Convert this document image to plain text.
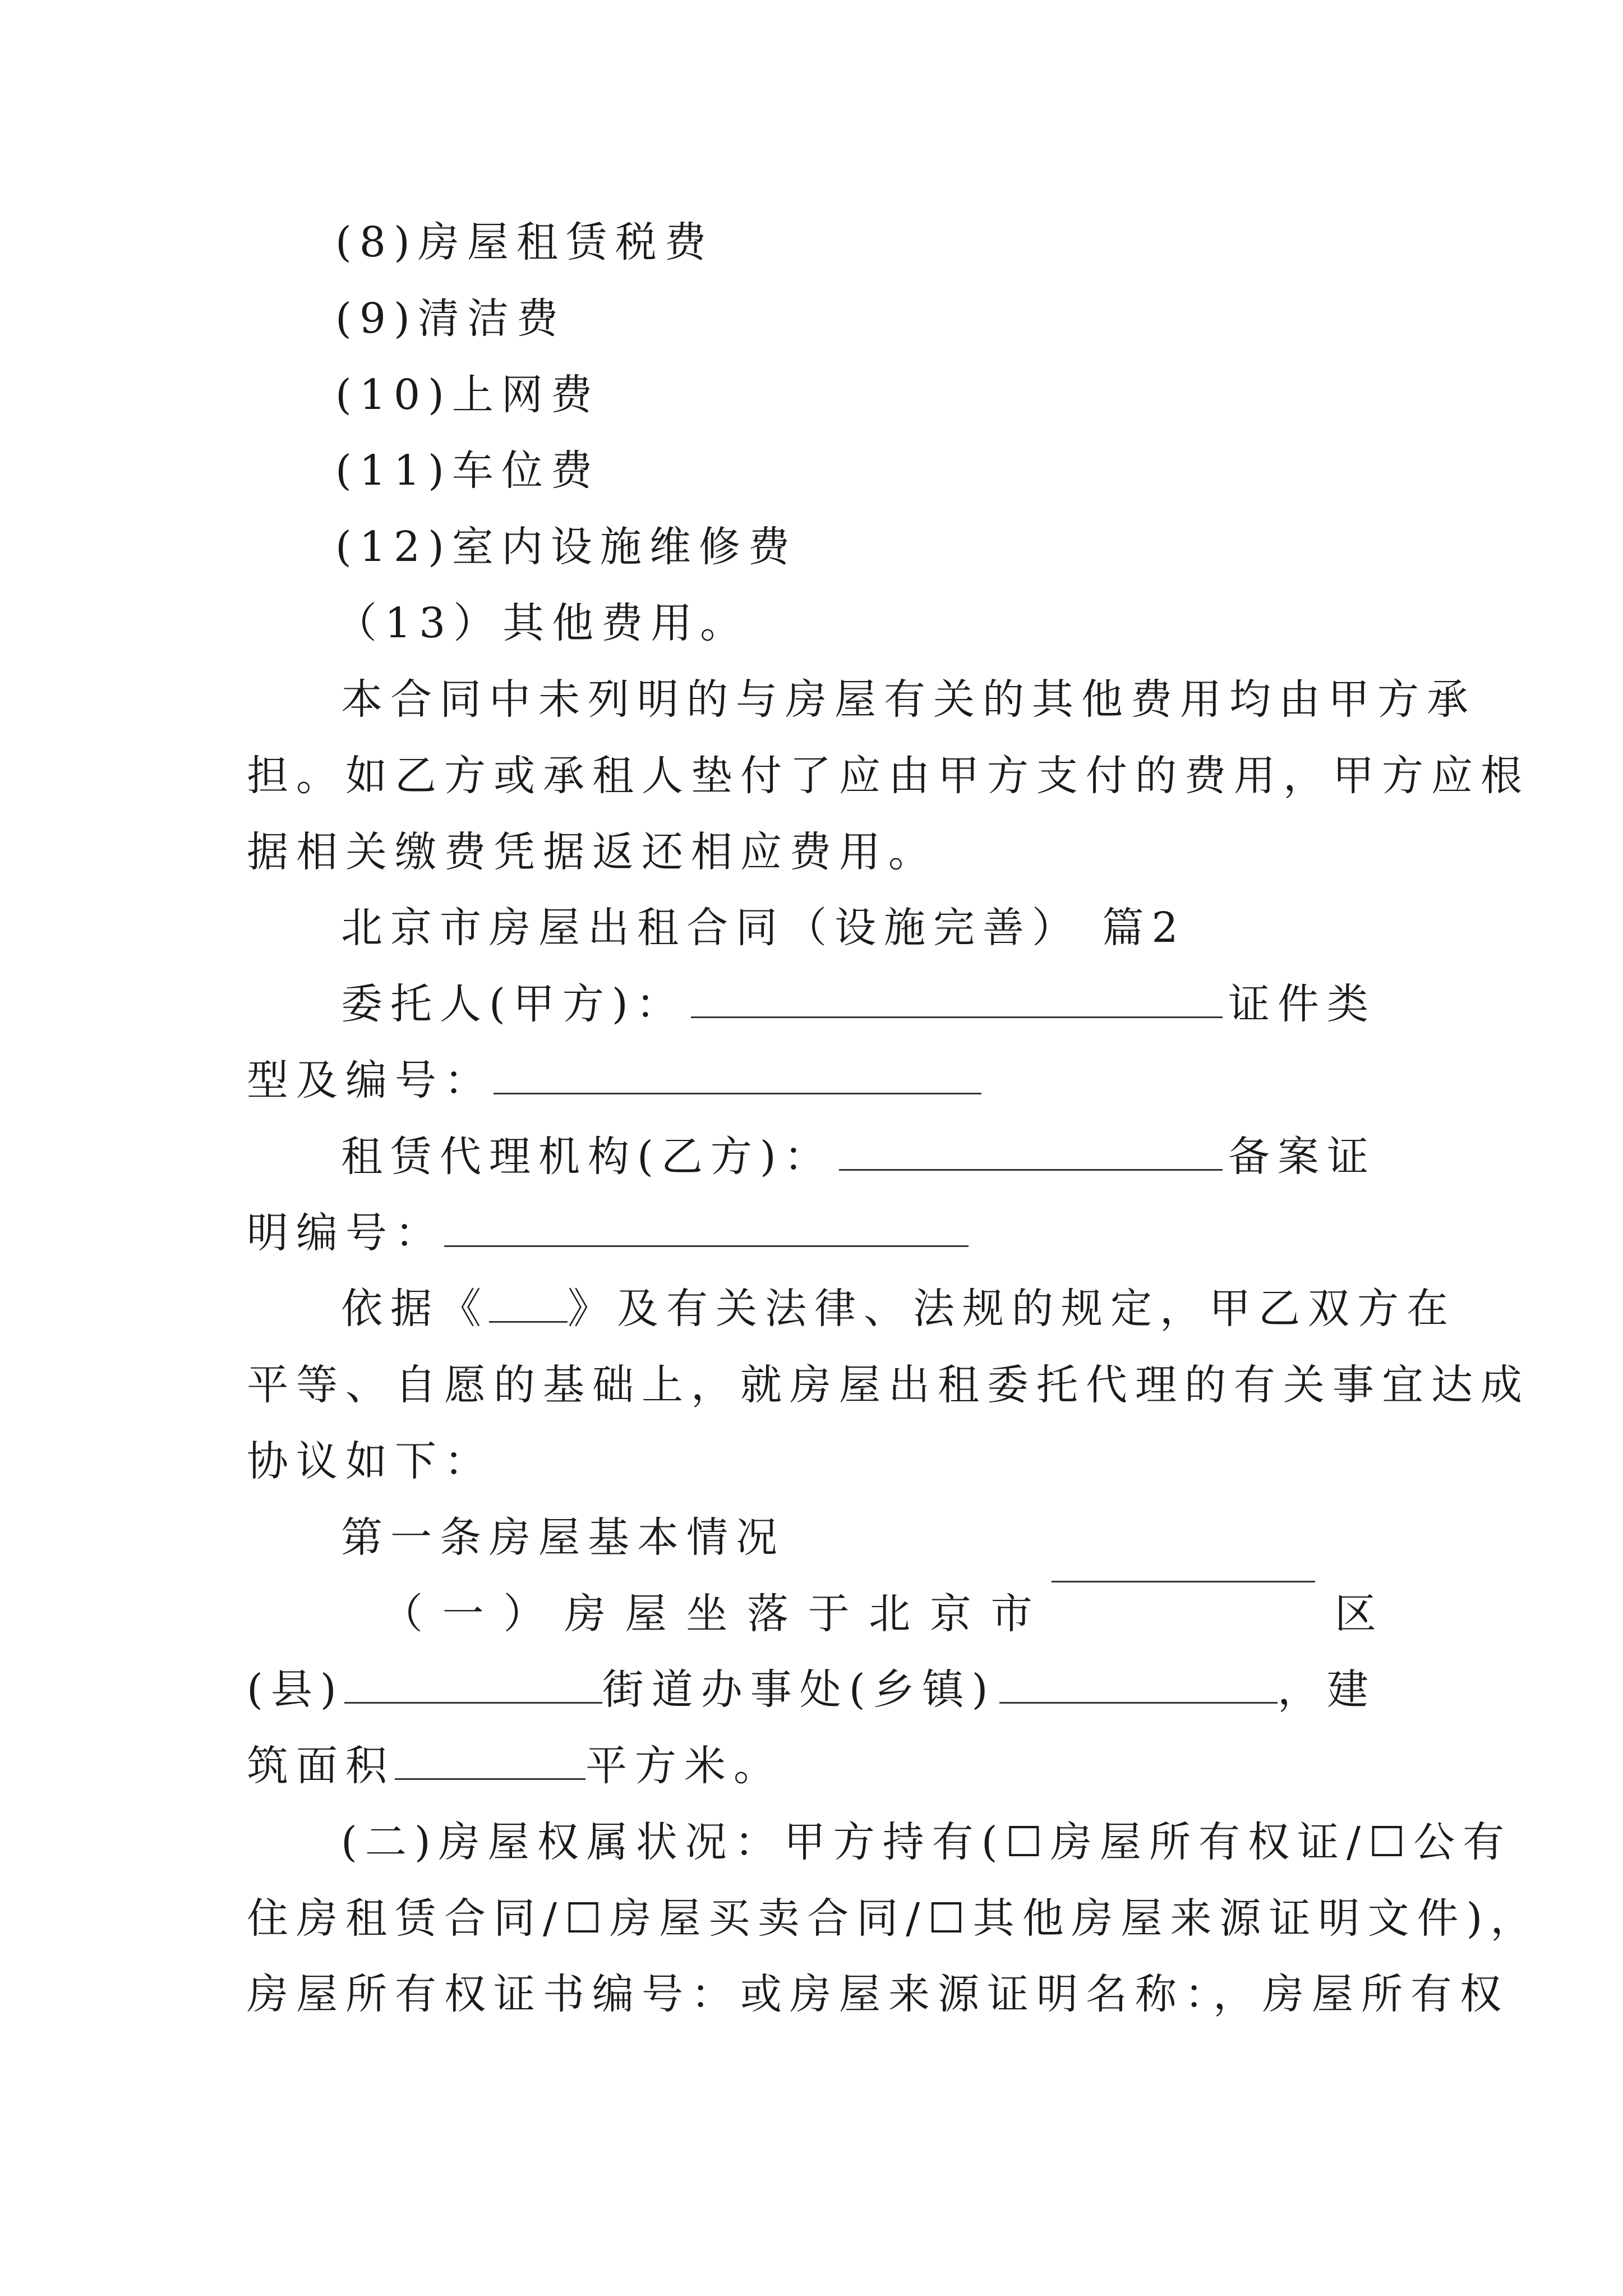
(8)房屋租赁税费
(9)清洁费
(10)上网费
(11)车位费
(12)室内设施维修费
（13）其他费用。
本合同中未列明的与房屋有关的其他费用均由甲方承
担。如乙方或承租人垫付了应由甲方支付的费用，甲方应根
据相关缴费凭据返还相应费用。
北京市房屋出租合同（设施完善） 篇2
委托人(甲方)：	证件类
型及编号：
租赁代理机构(乙方)：	备案证
明编号：
依据《 》及有关法律、法规的规定，甲乙双方在
平等、自愿的基础上，就房屋出租委托代理的有关事宜达成
协议如下：
第一条房屋基本情况
（ 一 ） 房 屋 坐 落 于 北 京 市	区
(县)	街道办事处(乡镇)	，建
筑面积	平方米。
(二)房屋权属状况：甲方持有(☐房屋所有权证/☐公有
住房租赁合同/☐房屋买卖合同/☐其他房屋来源证明文件)，
房屋所有权证书编号：或房屋来源证明名称：，房屋所有权
